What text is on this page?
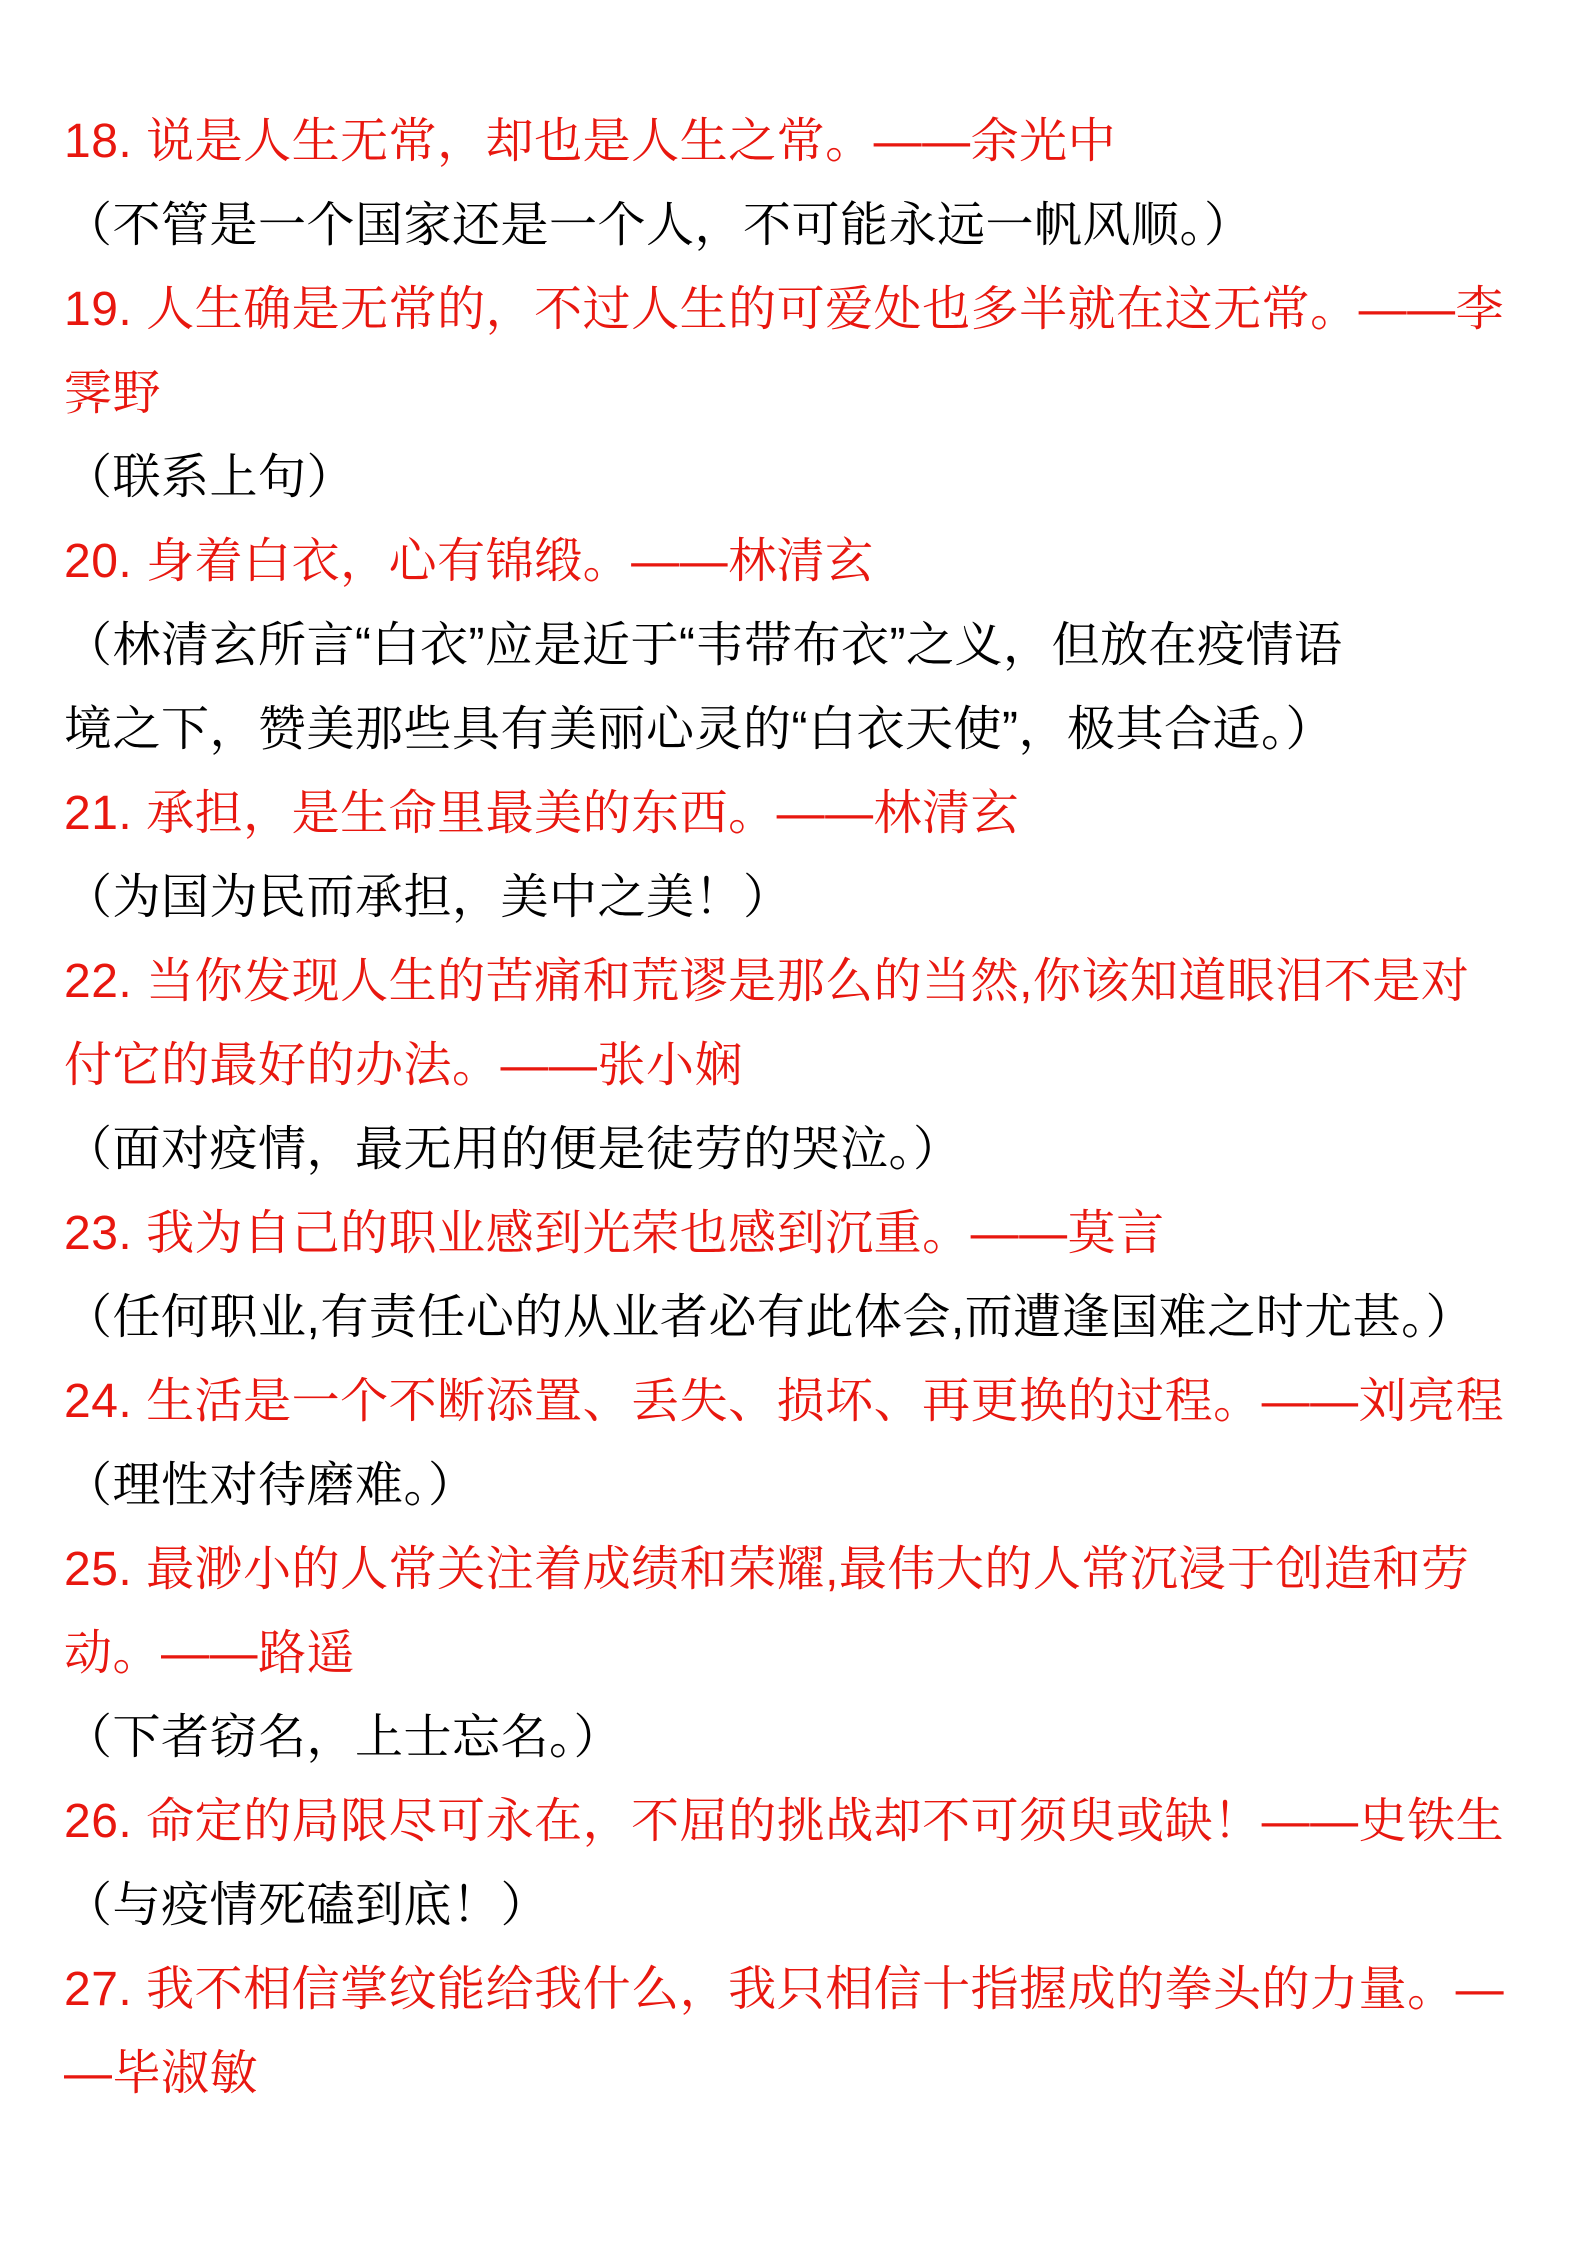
18. 说是人生无常，却也是人生之常。——余光中
（不管是一个国家还是一个人，不可能永远一帆风顺。）
19. 人生确是无常的，不过人生的可爱处也多半就在这无常。——李
霁野
（联系上句）
20. 身着白衣，心有锦缎。——林清玄
（林清玄所言“白衣”应是近于“韦带布衣”之义，但放在疫情语
境之下，赞美那些具有美丽心灵的“白衣天使”，极其合适。）
21. 承担，是生命里最美的东西。——林清玄
（为国为民而承担，美中之美！）
22. 当你发现人生的苦痛和荒谬是那么的当然,你该知道眼泪不是对
付它的最好的办法。——张小娴
（面对疫情，最无用的便是徒劳的哭泣。）
23. 我为自己的职业感到光荣也感到沉重。——莫言
（任何职业,有责任心的从业者必有此体会,而遭逢国难之时尤甚。）
24. 生活是一个不断添置、丢失、损坏、再更换的过程。——刘亮程
（理性对待磨难。）
25. 最渺小的人常关注着成绩和荣耀,最伟大的人常沉浸于创造和劳
动。——路遥
（下者窃名，上士忘名。）
26. 命定的局限尽可永在，不屈的挑战却不可须臾或缺！——史铁生
（与疫情死磕到底！）
27. 我不相信掌纹能给我什么，我只相信十指握成的拳头的力量。—
—毕淑敏
